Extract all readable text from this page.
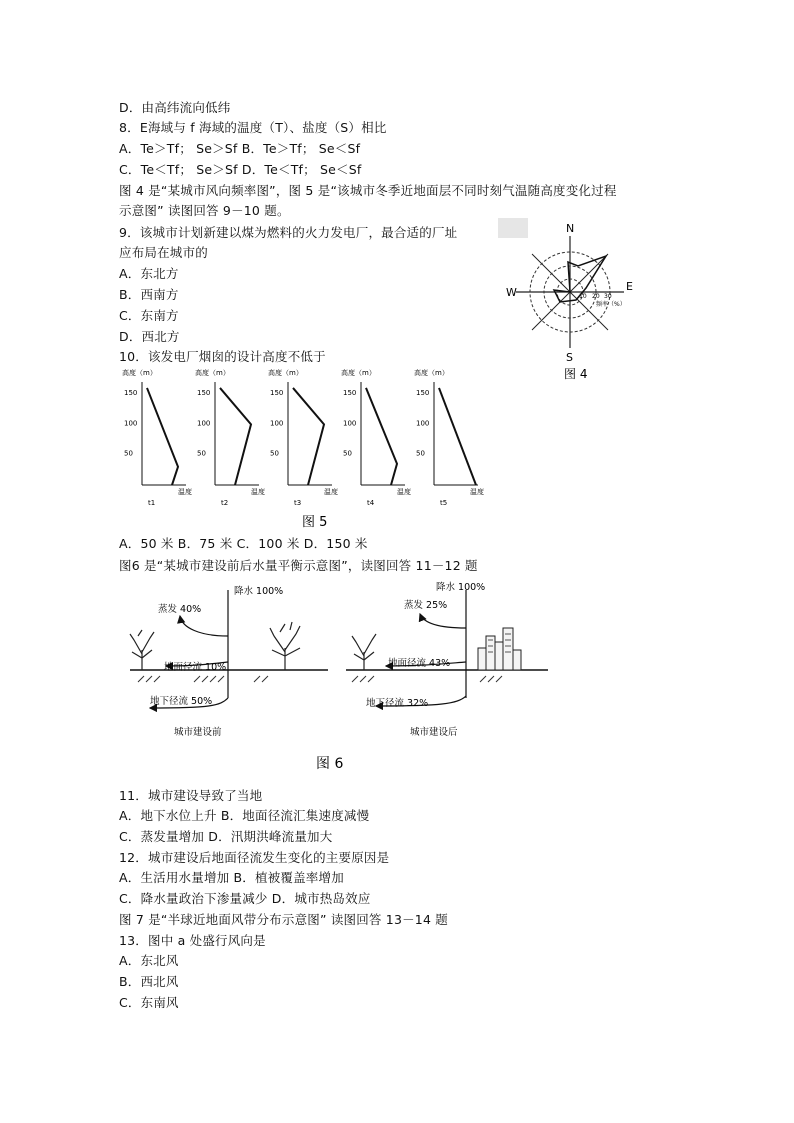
D．由高纬流向低纬
8．E海域与 f 海域的温度（T）、盐度（S）相比
A．Te＞Tf； Se＞Sf B．Te＞Tf； Se＜Sf
C．Te＜Tf； Se＞Sf D．Te＜Tf； Se＜Sf
图 4 是“某城市风向频率图”，图 5 是“该城市冬季近地面层不同时刻气温随高度变化过程
示意图” 读图回答 9－10 题。
9．该城市计划新建以煤为燃料的火力发电厂，最合适的厂址
应布局在城市的
A．东北方
B．西南方
C．东南方
D．西北方
10．该发电厂烟囱的设计高度不低于
A．50 米 B．75 米 C．100 米 D．150 米
图6 是“某城市建设前后水量平衡示意图”，读图回答 11－12 题
11．城市建设导致了当地
A．地下水位上升 B．地面径流汇集速度减慢
C．蒸发量增加 D．汛期洪峰流量加大
12．城市建设后地面径流发生变化的主要原因是
A．生活用水量增加 B．植被覆盖率增加
C．降水量政治下渗量减少 D．城市热岛效应
图 7 是“半球近地面风带分布示意图” 读图回答 13－14 题
13．图中 a 处盛行风向是
A．东北风
B．西北风
C．东南风
N
S
W	E
10 20 30
频率（%）
图 4
高度（m）
温度
150
100
50
t1
高度（m）
温度
150
100
50
t2
高度（m）
温度
150
100
50
t3
高度（m）
温度
150
100
50
t4
高度（m）
温度
150
100
50
t5
图 5
降水 100%
蒸发 40%
地面径流 10%
地下径流 50%
城市建设前
降水 100%
蒸发 25%
地面径流 43%
地下径流 32%
城市建设后
图 6
